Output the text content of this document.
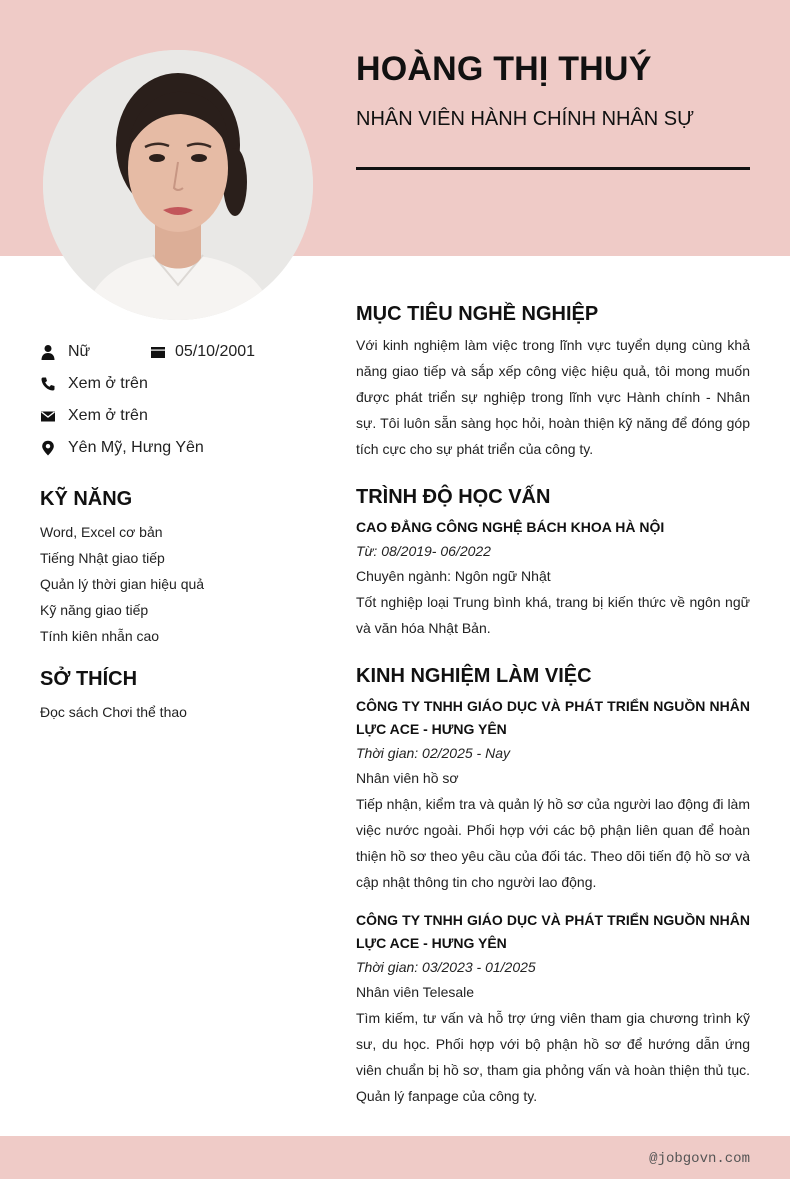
HOÀNG THỊ THUÝ
NHÂN VIÊN HÀNH CHÍNH NHÂN SỰ
Nữ	05/10/2001
Xem ở trên
Xem ở trên
Yên Mỹ, Hưng Yên
KỸ NĂNG
Word, Excel cơ bản
Tiếng Nhật giao tiếp
Quản lý thời gian hiệu quả
Kỹ năng giao tiếp
Tính kiên nhẫn cao
SỞ THÍCH
Đọc sách Chơi thể thao
MỤC TIÊU NGHỀ NGHIỆP
Với kinh nghiệm làm việc trong lĩnh vực tuyển dụng cùng khả năng giao tiếp và sắp xếp công việc hiệu quả, tôi mong muốn được phát triển sự nghiệp trong lĩnh vực Hành chính - Nhân sự. Tôi luôn sẵn sàng học hỏi, hoàn thiện kỹ năng để đóng góp tích cực cho sự phát triển của công ty.
TRÌNH ĐỘ HỌC VẤN
CAO ĐẲNG CÔNG NGHỆ BÁCH KHOA HÀ NỘI
Từ: 08/2019- 06/2022
Chuyên ngành: Ngôn ngữ Nhật
Tốt nghiệp loại Trung bình khá, trang bị kiến thức về ngôn ngữ và văn hóa Nhật Bản.
KINH NGHIỆM LÀM VIỆC
CÔNG TY TNHH GIÁO DỤC VÀ PHÁT TRIỂN NGUỒN NHÂN LỰC ACE - HƯNG YÊN
Thời gian: 02/2025 - Nay
Nhân viên hồ sơ
Tiếp nhận, kiểm tra và quản lý hồ sơ của người lao động đi làm việc nước ngoài. Phối hợp với các bộ phận liên quan để hoàn thiện hồ sơ theo yêu cầu của đối tác. Theo dõi tiến độ hồ sơ và cập nhật thông tin cho người lao động.
CÔNG TY TNHH GIÁO DỤC VÀ PHÁT TRIỂN NGUỒN NHÂN LỰC ACE - HƯNG YÊN
Thời gian: 03/2023 - 01/2025
Nhân viên Telesale
Tìm kiếm, tư vấn và hỗ trợ ứng viên tham gia chương trình kỹ sư, du học. Phối hợp với bộ phận hồ sơ để hướng dẫn ứng viên chuẩn bị hồ sơ, tham gia phỏng vấn và hoàn thiện thủ tục. Quản lý fanpage của công ty.
@jobgovn.com
